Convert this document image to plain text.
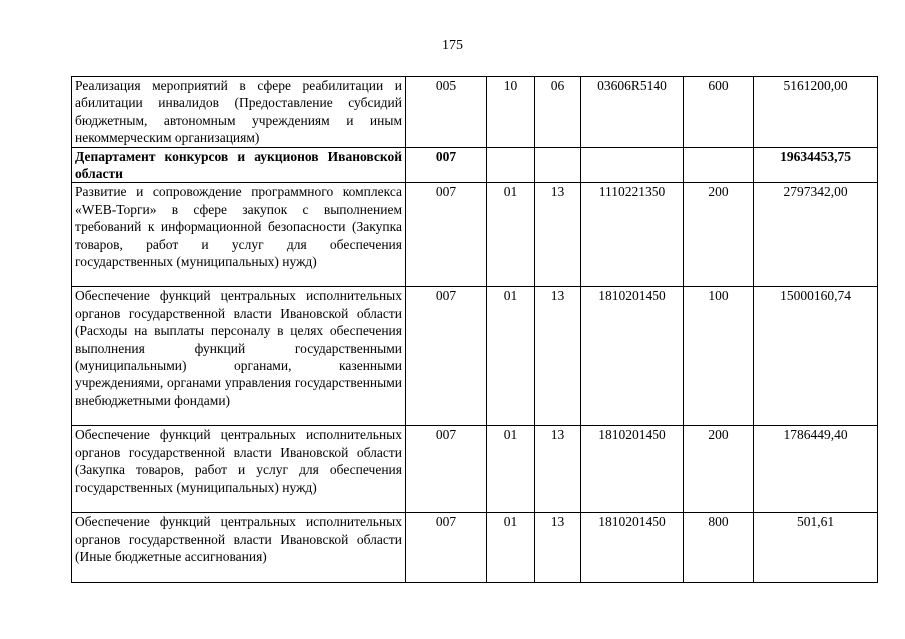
175
Реализация мероприятий в сфере реабилитации и абилитации инвалидов (Предоставление субсидий бюджетным, автономным учреждениям и иным некоммерческим организациям)	005	10	06	03606R5140	600	5161200,00
Департамент конкурсов и аукционов Ивановской области	007					19634453,75
Развитие и сопровождение программного комплекса «WEB-Торги» в сфере закупок с выполнением требований к информационной безопасности (Закупка товаров, работ и услуг для обеспечения государственных (муниципальных) нужд)	007	01	13	1110221350	200	2797342,00
Обеспечение функций центральных исполнительных органов государственной власти Ивановской области (Расходы на выплаты персоналу в целях обеспечения выполнения функций государственными (муниципальными) органами, казенными учреждениями, органами управления государственными внебюджетными фондами)	007	01	13	1810201450	100	15000160,74
Обеспечение функций центральных исполнительных органов государственной власти Ивановской области (Закупка товаров, работ и услуг для обеспечения государственных (муниципальных) нужд)	007	01	13	1810201450	200	1786449,40
Обеспечение функций центральных исполнительных органов государственной власти Ивановской области (Иные бюджетные ассигнования)	007	01	13	1810201450	800	501,61
